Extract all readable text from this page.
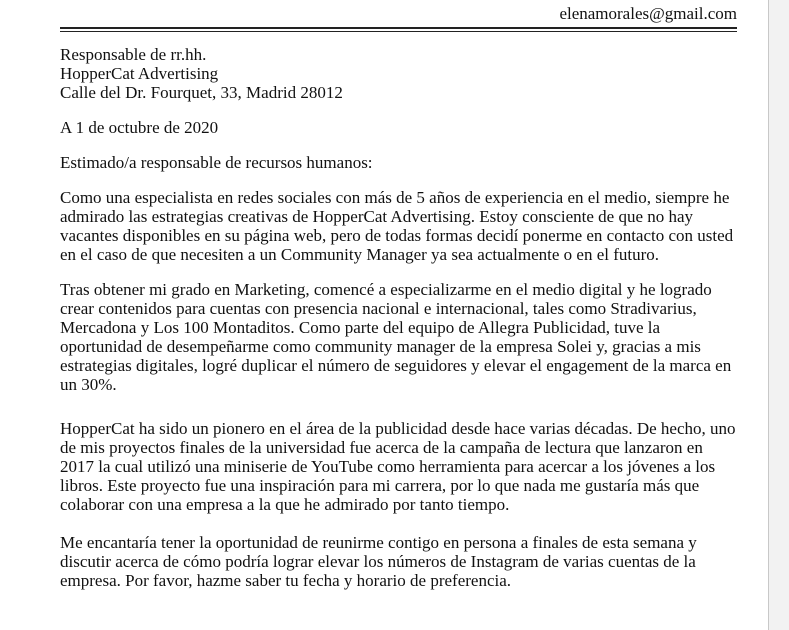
elenamorales@gmail.com
Responsable de rr.hh.
HopperCat Advertising
Calle del Dr. Fourquet, 33, Madrid 28012
A 1 de octubre de 2020
Estimado/a responsable de recursos humanos:

Como una especialista en redes sociales con más de 5 años de experiencia en el medio, siempre he admirado las estrategias creativas de HopperCat Advertising. Estoy consciente de que no hay vacantes disponibles en su página web, pero de todas formas decidí ponerme en contacto con usted en el caso de que necesiten a un Community Manager ya sea actualmente o en el futuro.

Tras obtener mi grado en Marketing, comencé a especializarme en el medio digital y he logrado crear contenidos para cuentas con presencia nacional e internacional, tales como Stradivarius, Mercadona y Los 100 Montaditos. Como parte del equipo de Allegra Publicidad, tuve la oportunidad de desempeñarme como community manager de la empresa Solei y, gracias a mis estrategias digitales, logré duplicar el número de seguidores y elevar el engagement de la marca en un 30%.

HopperCat ha sido un pionero en el área de la publicidad desde hace varias décadas. De hecho, uno de mis proyectos finales de la universidad fue acerca de la campaña de lectura que lanzaron en 2017 la cual utilizó una miniserie de YouTube como herramienta para acercar a los jóvenes a los libros. Este proyecto fue una inspiración para mi carrera, por lo que nada me gustaría más que colaborar con una empresa a la que he admirado por tanto tiempo.

Me encantaría tener la oportunidad de reunirme contigo en persona a finales de esta semana y discutir acerca de cómo podría lograr elevar los números de Instagram de varias cuentas de la empresa. Por favor, hazme saber tu fecha y horario de preferencia.
